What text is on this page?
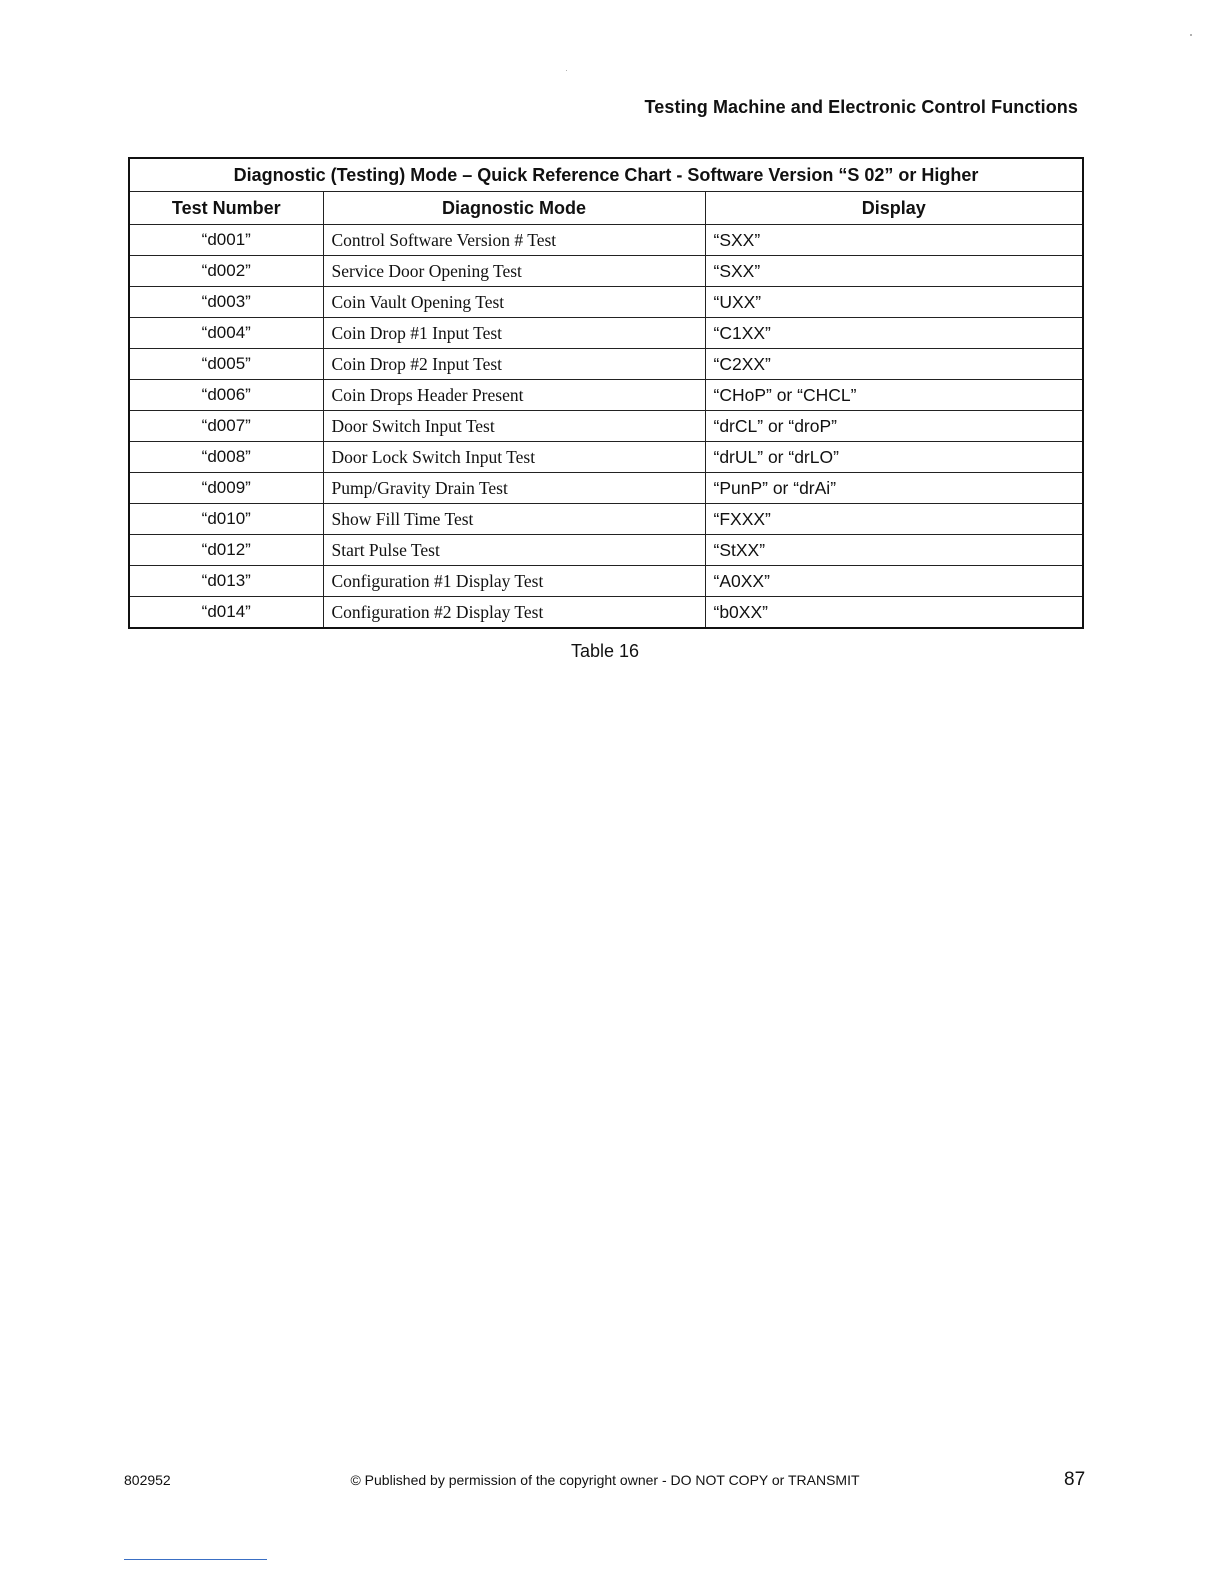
Testing Machine and Electronic Control Functions
Diagnostic (Testing) Mode – Quick Reference Chart - Software Version “S 02” or Higher		
Test Number	Diagnostic Mode	Display
“d001”	Control Software Version # Test	“SXX”
“d002”	Service Door Opening Test	“SXX”
“d003”	Coin Vault Opening Test	“UXX”
“d004”	Coin Drop #1 Input Test	“C1XX”
“d005”	Coin Drop #2 Input Test	“C2XX”
“d006”	Coin Drops Header Present	“CHoP” or “CHCL”
“d007”	Door Switch Input Test	“drCL” or “droP”
“d008”	Door Lock Switch Input Test	“drUL” or “drLO”
“d009”	Pump/Gravity Drain Test	“PunP” or “drAi”
“d010”	Show Fill Time Test	“FXXX”
“d012”	Start Pulse Test	“StXX”
“d013”	Configuration #1 Display Test	“A0XX”
“d014”	Configuration #2 Display Test	“b0XX”
Table 16
802952	© Published by permission of the copyright owner - DO NOT COPY or TRANSMIT	87
